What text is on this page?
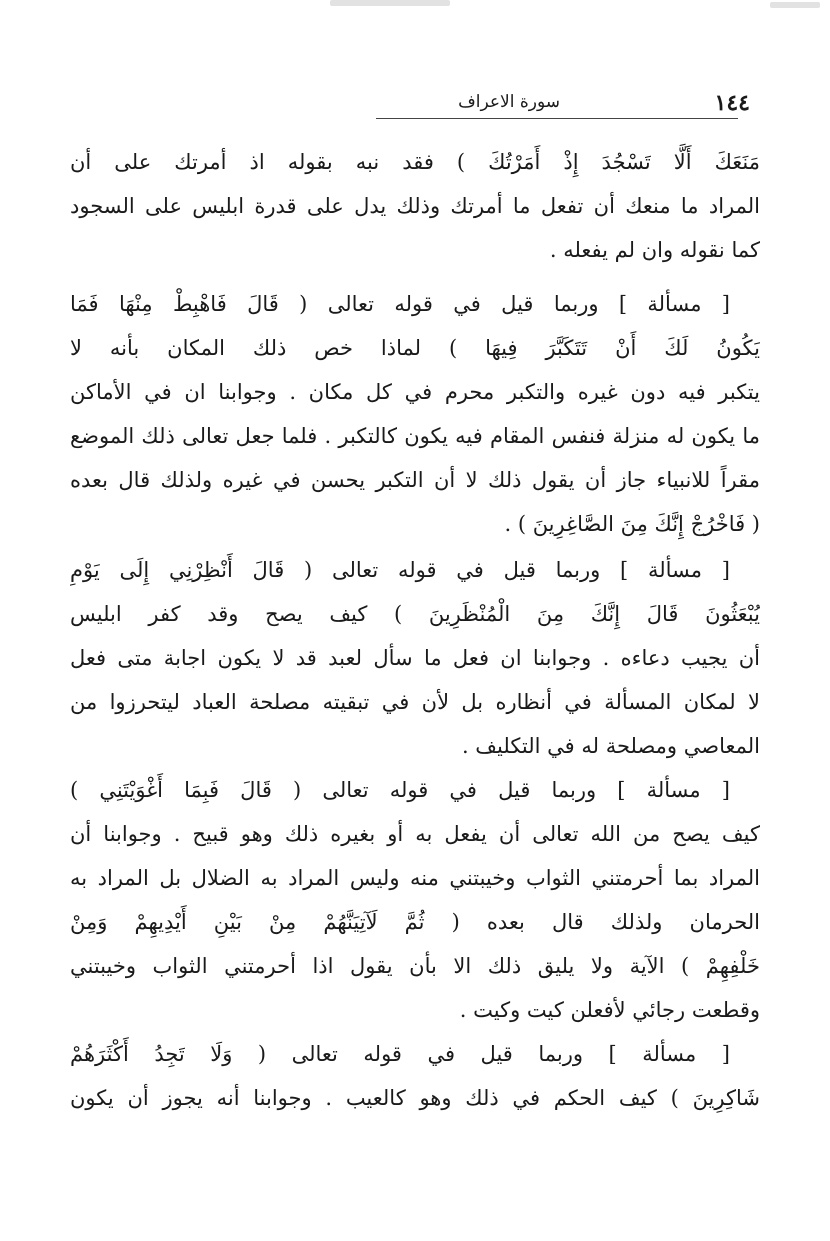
١٤٤
سورة الاعراف
مَنَعَكَ أَلَّا تَسْجُدَ إِذْ أَمَرْتُكَ ) فقد نبه بقوله اذ أمرتك على أن
المراد ما منعك أن تفعل ما أمرتك وذلك يدل على قدرة ابليس على السجود
كما نقوله وان لم يفعله .
[ مسألة ] وربما قيل في قوله تعالى ( قَالَ فَاهْبِطْ مِنْهَا فَمَا
يَكُونُ لَكَ أَنْ تَتَكَبَّرَ فِيهَا ) لماذا خص ذلك المكان بأنه لا
يتكبر فيه دون غيره والتكبر محرم في كل مكان . وجوابنا ان في الأماكن
ما يكون له منزلة فنفس المقام فيه يكون كالتكبر . فلما جعل تعالى ذلك الموضع
مقراً للانبياء جاز أن يقول ذلك لا أن التكبر يحسن في غيره ولذلك قال بعده
( فَاخْرُجْ إِنَّكَ مِنَ الصَّاغِرِينَ ) .
[ مسألة ] وربما قيل في قوله تعالى ( قَالَ أَنْظِرْنِي إِلَى يَوْمِ
يُبْعَثُونَ قَالَ إِنَّكَ مِنَ الْمُنْظَرِينَ ) كيف يصح وقد كفر ابليس
أن يجيب دعاءه . وجوابنا ان فعل ما سأل لعبد قد لا يكون اجابة متى فعل
لا لمكان المسألة في أنظاره بل لأن في تبقيته مصلحة العباد ليتحرزوا من
المعاصي ومصلحة له في التكليف .
[ مسألة ] وربما قيل في قوله تعالى ( قَالَ فَبِمَا أَغْوَيْتَنِي )
كيف يصح من الله تعالى أن يفعل به أو بغيره ذلك وهو قبيح . وجوابنا أن
المراد بما أحرمتني الثواب وخيبتني منه وليس المراد به الضلال بل المراد به
الحرمان ولذلك قال بعده ( ثُمَّ لَآتِيَنَّهُمْ مِنْ بَيْنِ أَيْدِيهِمْ وَمِنْ
خَلْفِهِمْ ) الآية ولا يليق ذلك الا بأن يقول اذا أحرمتني الثواب وخيبتني
وقطعت رجائي لأفعلن كيت وكيت .
[ مسألة ] وربما قيل في قوله تعالى ( وَلَا تَجِدُ أَكْثَرَهُمْ
شَاكِرِينَ ) كيف الحكم في ذلك وهو كالعيب . وجوابنا أنه يجوز أن يكون
